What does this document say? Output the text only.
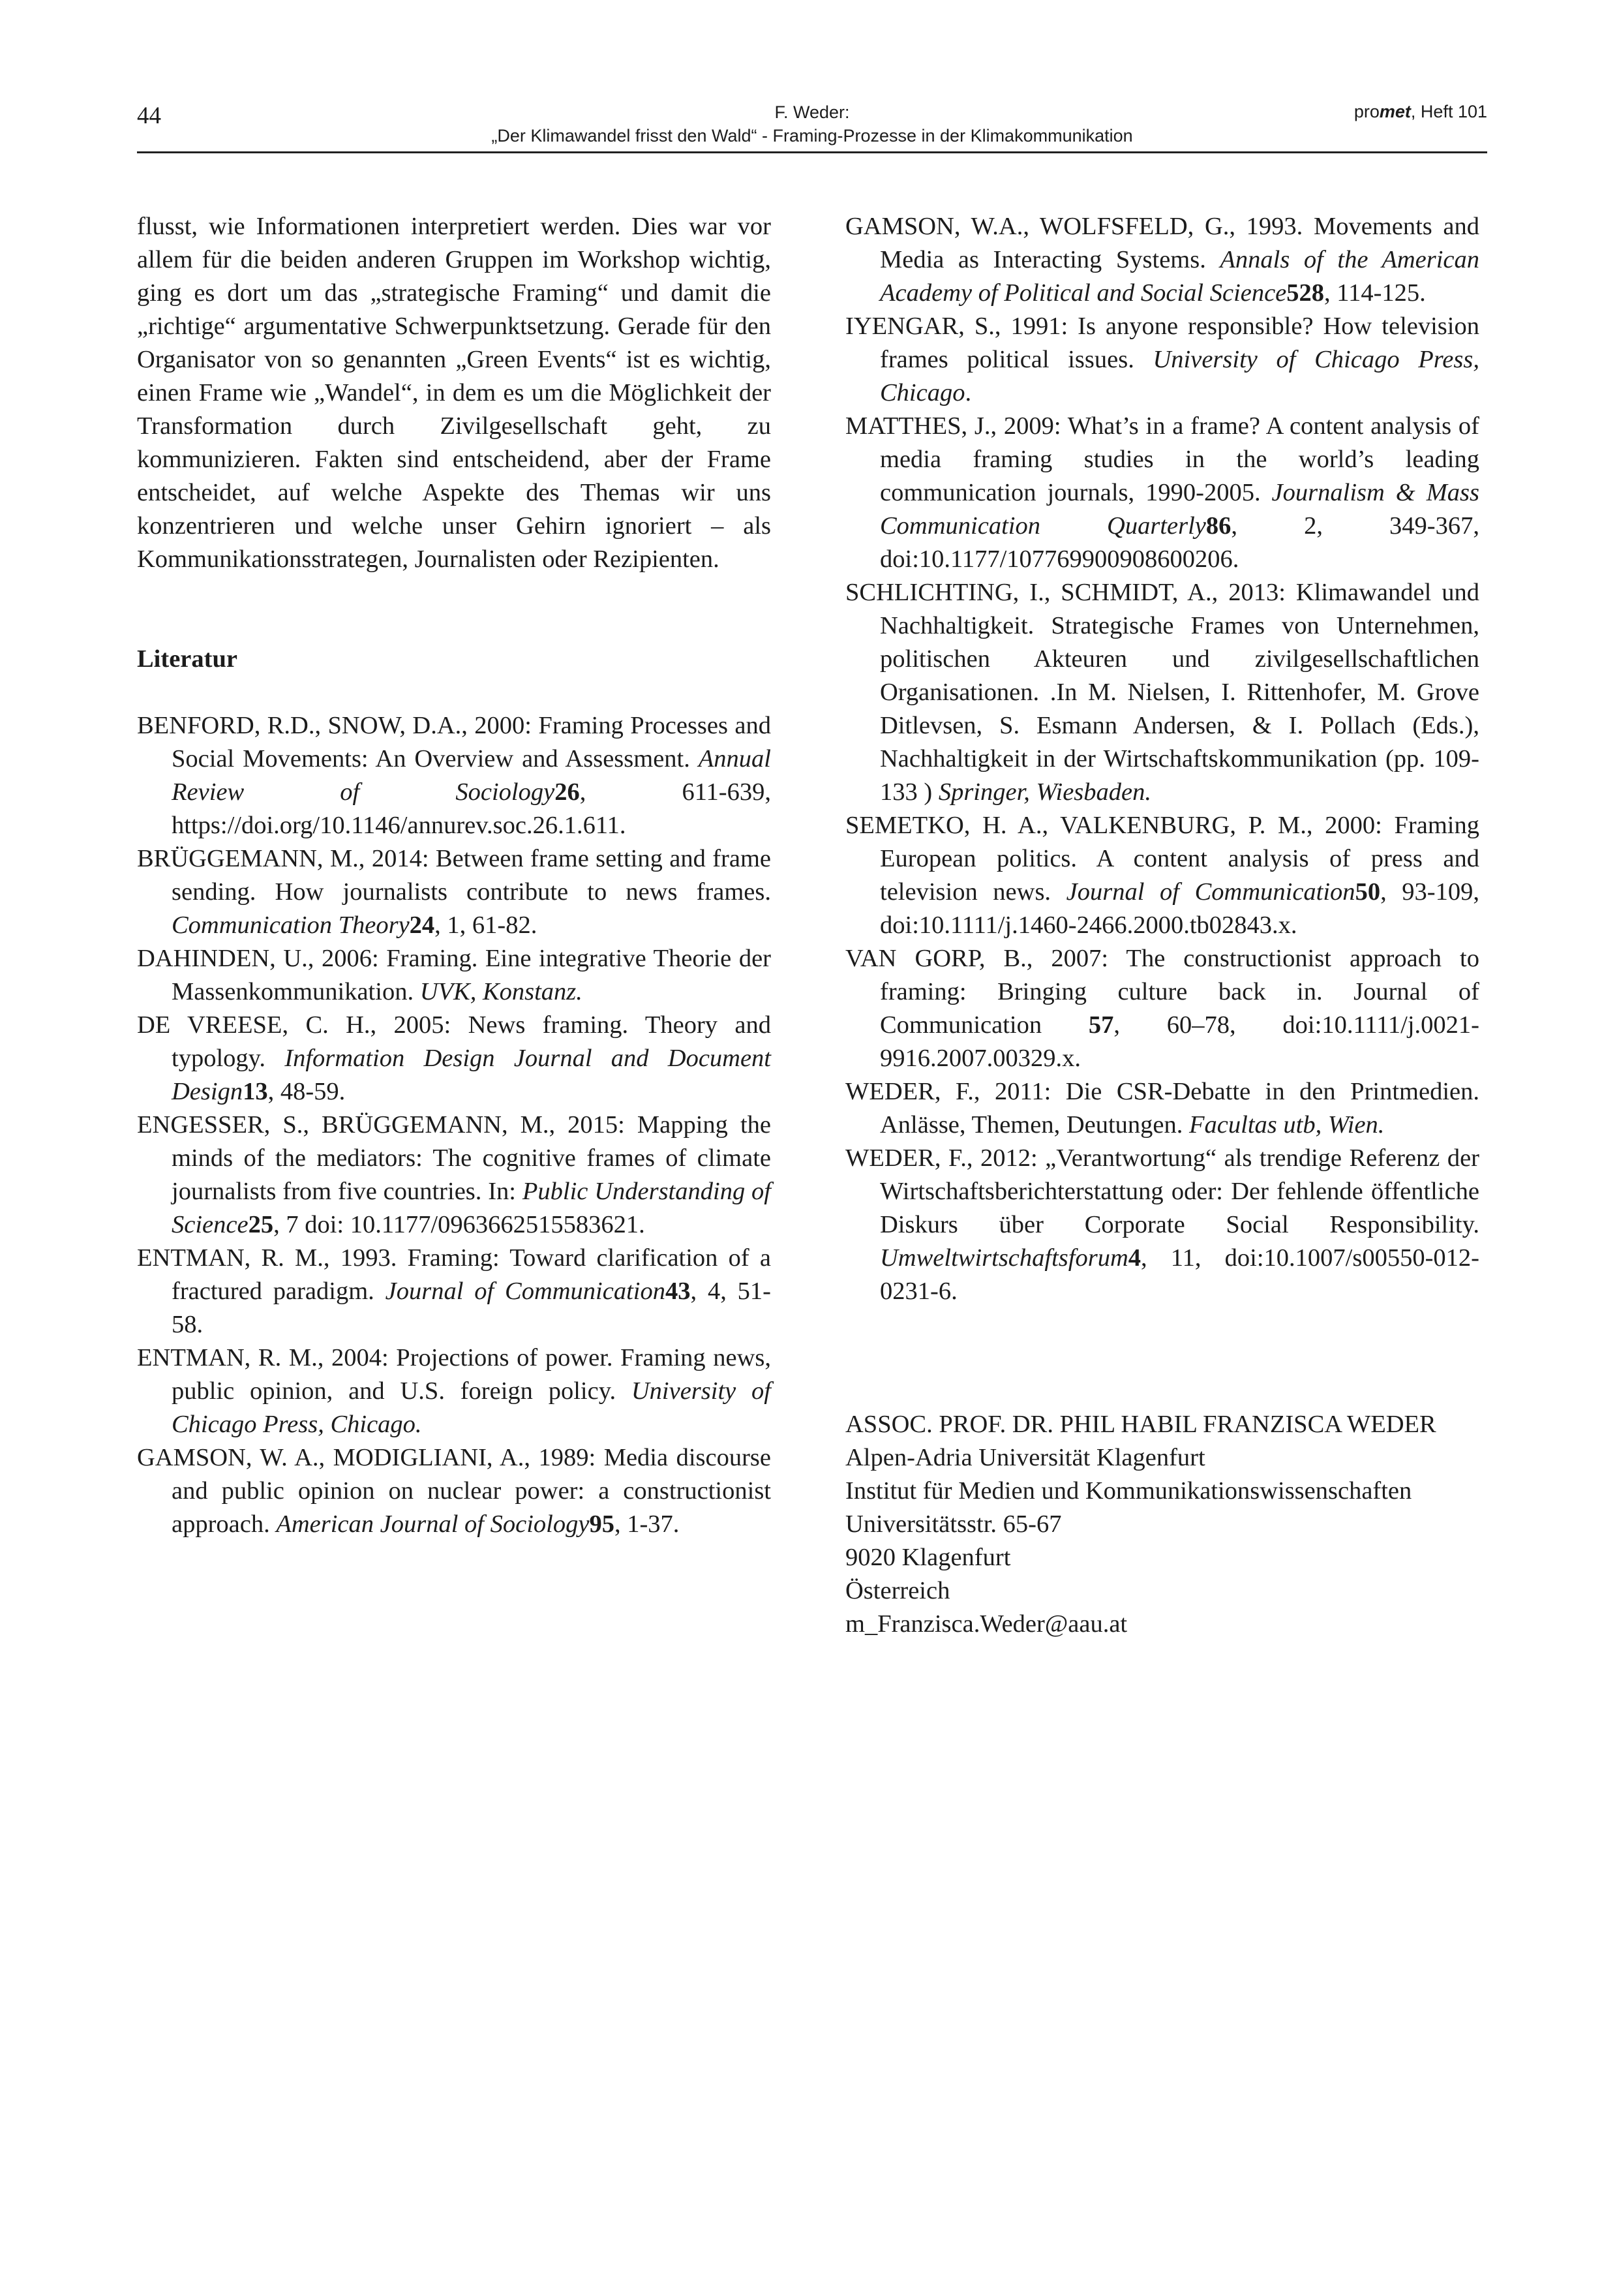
44	F. Weder:
„Der Klimawandel frisst den Wald“ - Framing-Prozesse in der Klimakommunikation
promet, Heft 101

flusst, wie Informationen interpretiert werden. Dies war vor allem für die beiden anderen Gruppen im Workshop wichtig, ging es dort um das „strategische Framing“ und damit die „richtige“ argumentative Schwerpunktsetzung. Gerade für den Organisator von so genannten „Green Events“ ist es wichtig, einen Frame wie „Wandel“, in dem es um die Möglichkeit der Transformation durch Zivilgesellschaft geht, zu kommunizieren. Fakten sind entscheidend, aber der Frame entscheidet, auf welche Aspekte des Themas wir uns konzentrieren und welche unser Gehirn ignoriert – als Kommunikationsstrategen, Journalisten oder Rezipienten.

Literatur

BENFORD, R.D., SNOW, D.A., 2000: Framing Processes and Social Movements: An Overview and Assessment. Annual Review of Sociology26, 611-639, https://doi.org/10.1146/annurev.soc.26.1.611.

BRÜGGEMANN, M., 2014: Between frame setting and frame sending. How journalists contribute to news frames. Communication Theory24, 1, 61-82.

DAHINDEN, U., 2006: Framing. Eine integrative Theorie der Massenkommunikation. UVK, Konstanz.

DE VREESE, C. H., 2005: News framing. Theory and typology. Information Design Journal and Document Design13, 48-59.

ENGESSER, S., BRÜGGEMANN, M., 2015: Mapping the minds of the mediators: The cognitive frames of climate journalists from five countries. In: Public Understanding of Science25, 7 doi: 10.1177/0963662515583621.

ENTMAN, R. M., 1993. Framing: Toward clarification of a fractured paradigm. Journal of Communication43, 4, 51-58.

ENTMAN, R. M., 2004: Projections of power. Framing news, public opinion, and U.S. foreign policy. University of Chicago Press, Chicago.

GAMSON, W. A., MODIGLIANI, A., 1989: Media discourse and public opinion on nuclear power: a constructionist approach. American Journal of Sociology95, 1-37.

GAMSON, W.A., WOLFSFELD, G., 1993. Movements and Media as Interacting Systems. Annals of the American Academy of Political and Social Science528, 114-125.

IYENGAR, S., 1991: Is anyone responsible? How television frames political issues. University of Chicago Press, Chicago.

MATTHES, J., 2009: What’s in a frame? A content analysis of media framing studies in the world’s leading communication journals, 1990-2005. Journalism & Mass Communication Quarterly86, 2, 349-367, doi:10.1177/107769900908600206.

SCHLICHTING, I., SCHMIDT, A., 2013: Klimawandel und Nachhaltigkeit. Strategische Frames von Unternehmen, politischen Akteuren und zivilgesellschaftlichen Organisationen. .In M. Nielsen, I. Rittenhofer, M. Grove Ditlevsen, S. Esmann Andersen, & I. Pollach (Eds.), Nachhaltigkeit in der Wirtschaftskommunikation (pp. 109-133 ) Springer, Wiesbaden.

SEMETKO, H. A., VALKENBURG, P. M., 2000: Framing European politics. A content analysis of press and television news. Journal of Communication50, 93-109, doi:10.1111/j.1460-2466.2000.tb02843.x.

VAN GORP, B., 2007: The constructionist approach to framing: Bringing culture back in. Journal of Communication 57, 60–78, doi:10.1111/j.0021-9916.2007.00329.x.

WEDER, F., 2011: Die CSR-Debatte in den Printmedien. Anlässe, Themen, Deutungen. Facultas utb, Wien.

WEDER, F., 2012: „Verantwortung“ als trendige Referenz der Wirtschaftsberichterstattung oder: Der fehlende öffentliche Diskurs über Corporate Social Responsibility. Umweltwirtschaftsforum4, 11, doi:10.1007/s00550-012-0231-6.

ASSOC. PROF. DR. PHIL HABIL FRANZISCA WEDER

Alpen-Adria Universität Klagenfurt

Institut für Medien und Kommunikationswissenschaften

Universitätsstr. 65-67

9020 Klagenfurt

Österreich

m_Franzisca.Weder@aau.at
